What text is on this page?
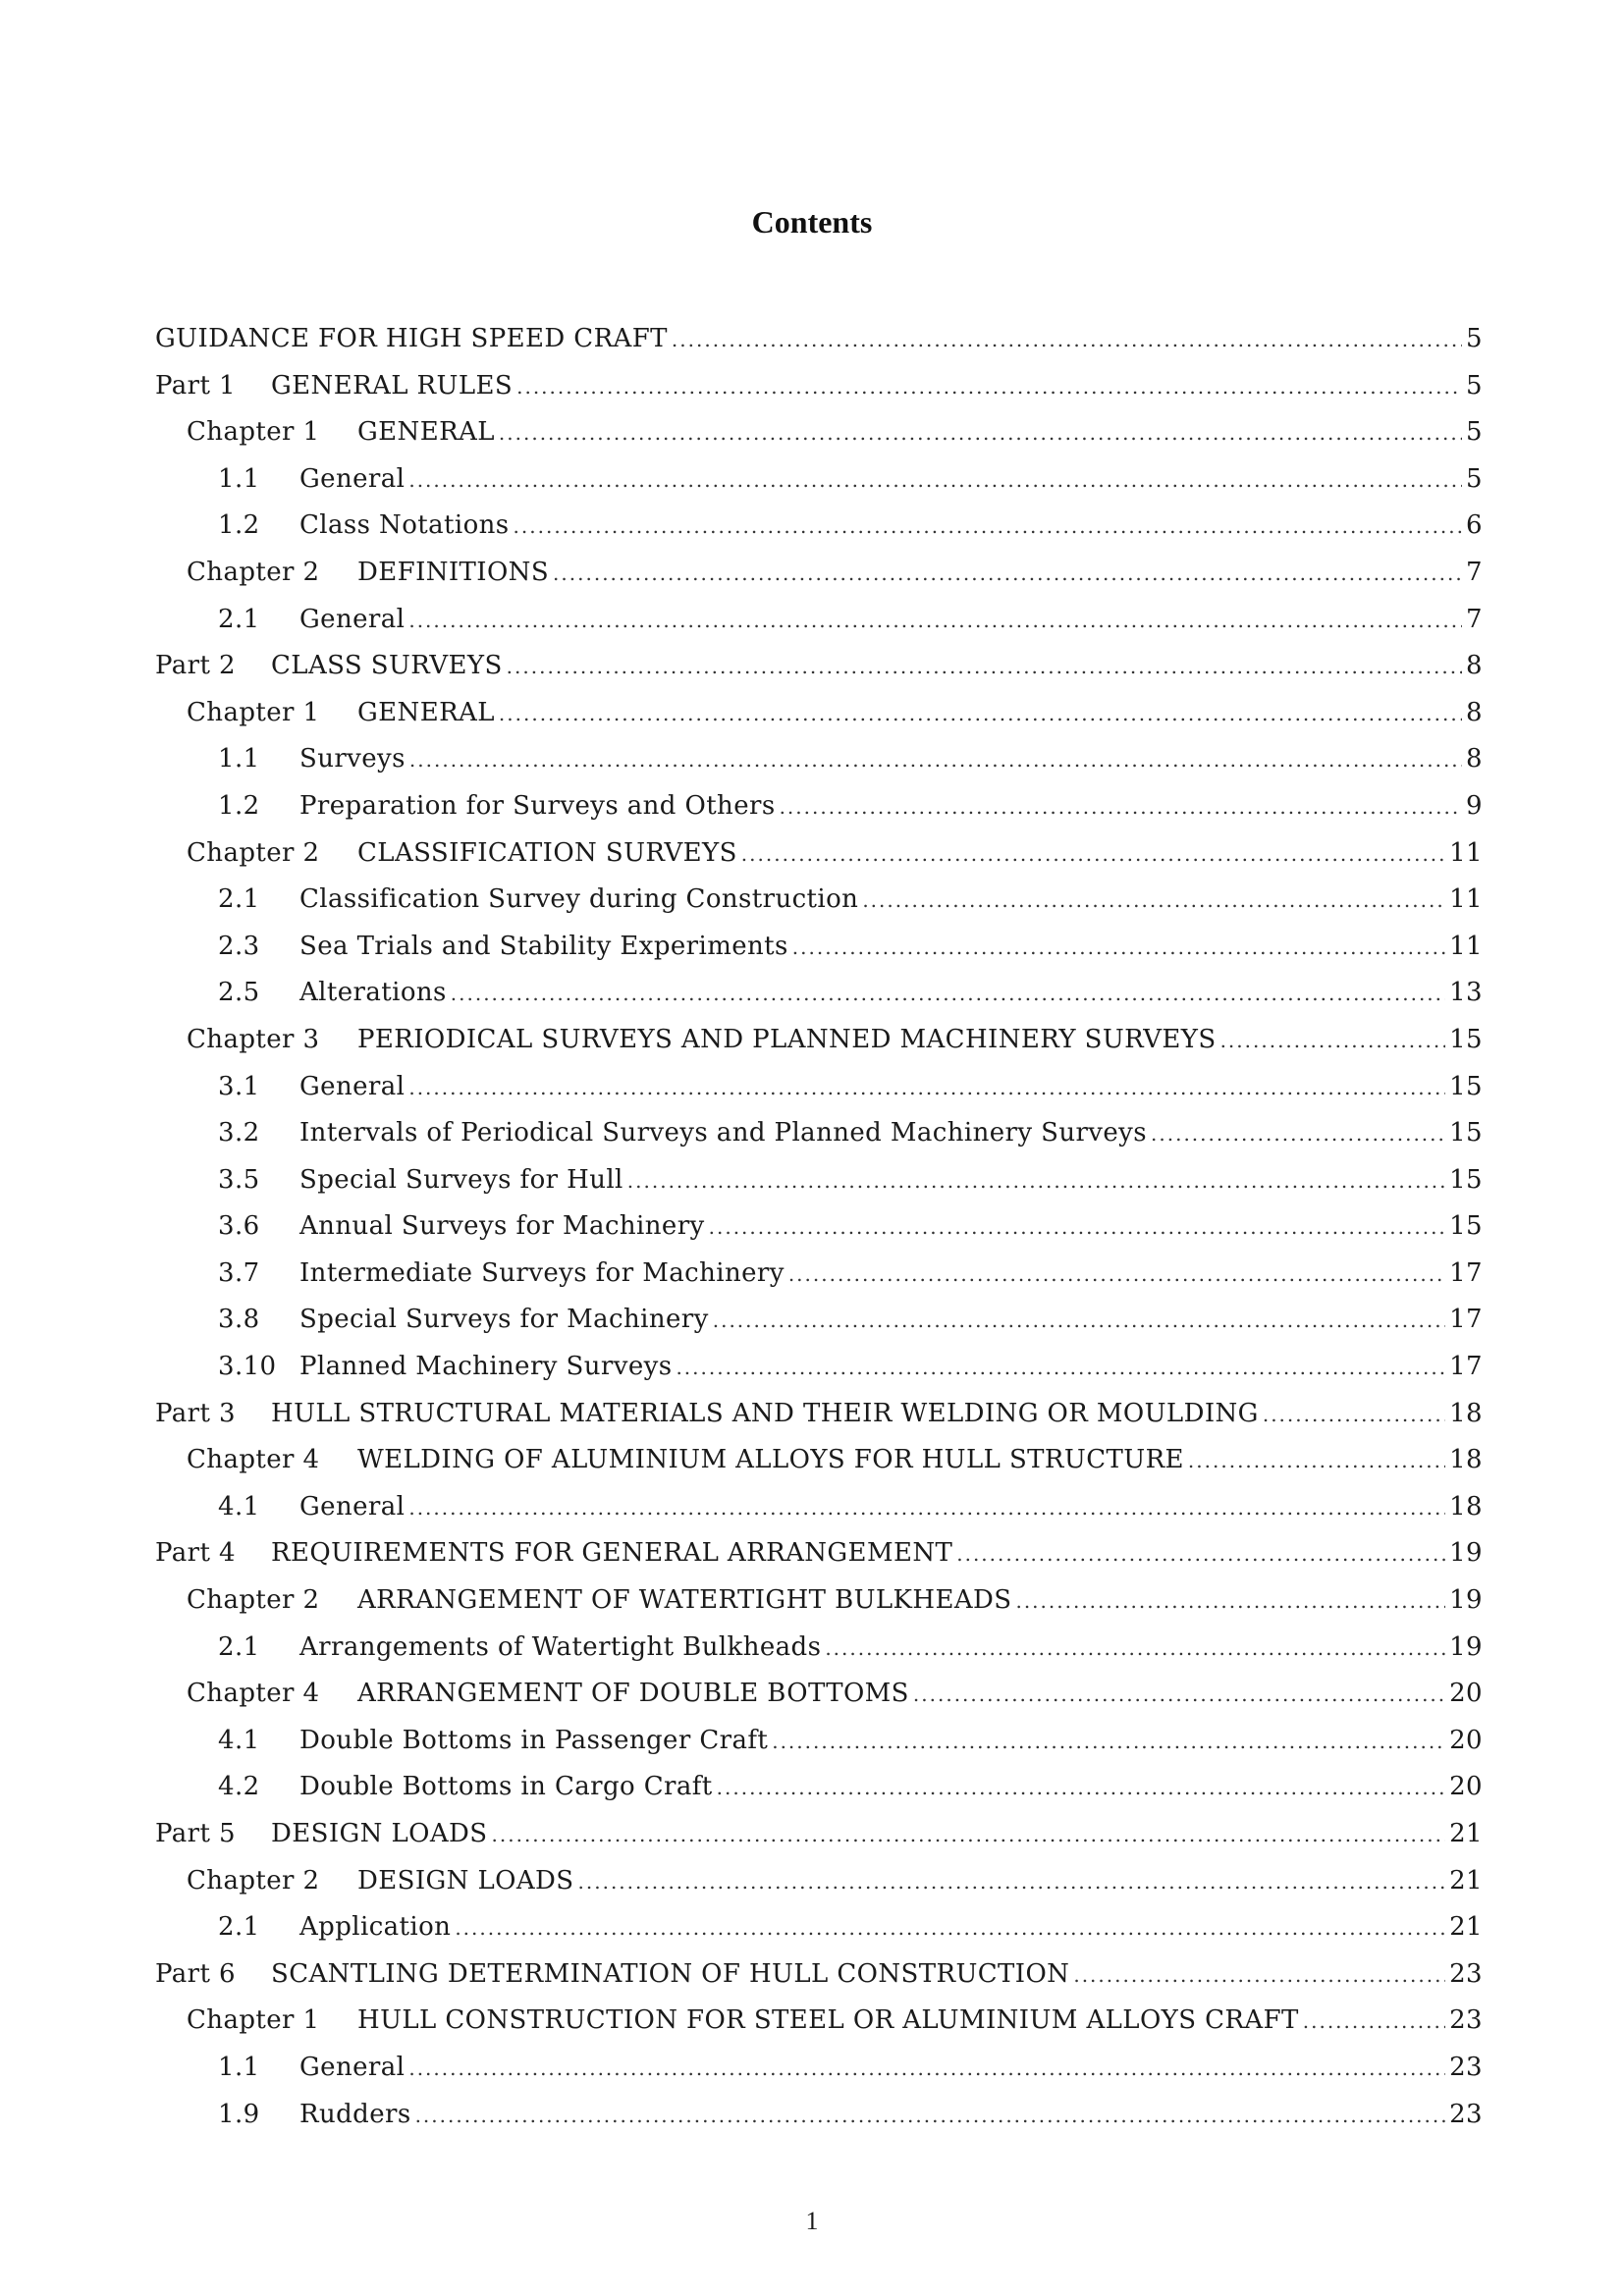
Contents
GUIDANCE FOR HIGH SPEED CRAFT .....	5
Part 1	GENERAL RULES .....	5
Chapter 1	GENERAL .....	5
1.1	General .....	5
1.2	Class Notations .....	6
Chapter 2	DEFINITIONS .....	7
2.1	General .....	7
Part 2	CLASS SURVEYS .....	8
Chapter 1	GENERAL .....	8
1.1	Surveys .....	8
1.2	Preparation for Surveys and Others .....	9
Chapter 2	CLASSIFICATION SURVEYS .....	11
2.1	Classification Survey during Construction .....	11
2.3	Sea Trials and Stability Experiments .....	11
2.5	Alterations .....	13
Chapter 3	PERIODICAL SURVEYS AND PLANNED MACHINERY SURVEYS .....	15
3.1	General .....	15
3.2	Intervals of Periodical Surveys and Planned Machinery Surveys .....	15
3.5	Special Surveys for Hull .....	15
3.6	Annual Surveys for Machinery .....	15
3.7	Intermediate Surveys for Machinery .....	17
3.8	Special Surveys for Machinery .....	17
3.10 Planned Machinery Surveys .....	17
Part 3	HULL STRUCTURAL MATERIALS AND THEIR WELDING OR MOULDING .....	18
Chapter 4	WELDING OF ALUMINIUM ALLOYS FOR HULL STRUCTURE .....	18
4.1	General .....	18
Part 4	REQUIREMENTS FOR GENERAL ARRANGEMENT .....	19
Chapter 2	ARRANGEMENT OF WATERTIGHT BULKHEADS .....	19
2.1	Arrangements of Watertight Bulkheads .....	19
Chapter 4	ARRANGEMENT OF DOUBLE BOTTOMS .....	20
4.1	Double Bottoms in Passenger Craft .....	20
4.2	Double Bottoms in Cargo Craft .....	20
Part 5	DESIGN LOADS .....	21
Chapter 2	DESIGN LOADS .....	21
2.1	Application .....	21
Part 6	SCANTLING DETERMINATION OF HULL CONSTRUCTION .....	23
Chapter 1	HULL CONSTRUCTION FOR STEEL OR ALUMINIUM ALLOYS CRAFT .....	23
1.1	General .....	23
1.9	Rudders .....	23
1
